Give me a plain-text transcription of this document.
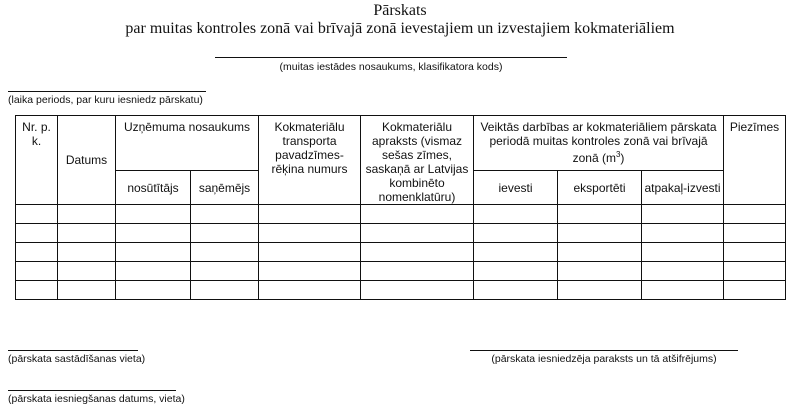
Pārskats
par muitas kontroles zonā vai brīvajā zonā ievestajiem un izvestajiem kokmateriāliem
(muitas iestādes nosaukums, klasifikatora kods)
(laika periods, par kuru iesniedz pārskatu)
Nr. p. k.	Datums	Uzņēmuma nosaukums		Kokmateriālu transporta pavadzīmes-rēķina numurs	Kokmateriālu apraksts (vismaz sešas zīmes, saskaņā ar Latvijas kombinēto nomenklatūru)	Veiktās darbības ar kokmateriāliem pārskata periodā muitas kontroles zonā vai brīvajā zonā $(m^3)$			Piezīmes
		nosūtītājs	saņēmējs			ievesti	eksportēti	atpakaļ-izvesti	

(pārskata sastādīšanas vieta)	(pārskata iesniedzēja paraksts un tā atšifrējums)
(pārskata iesniegšanas datums, vieta)
